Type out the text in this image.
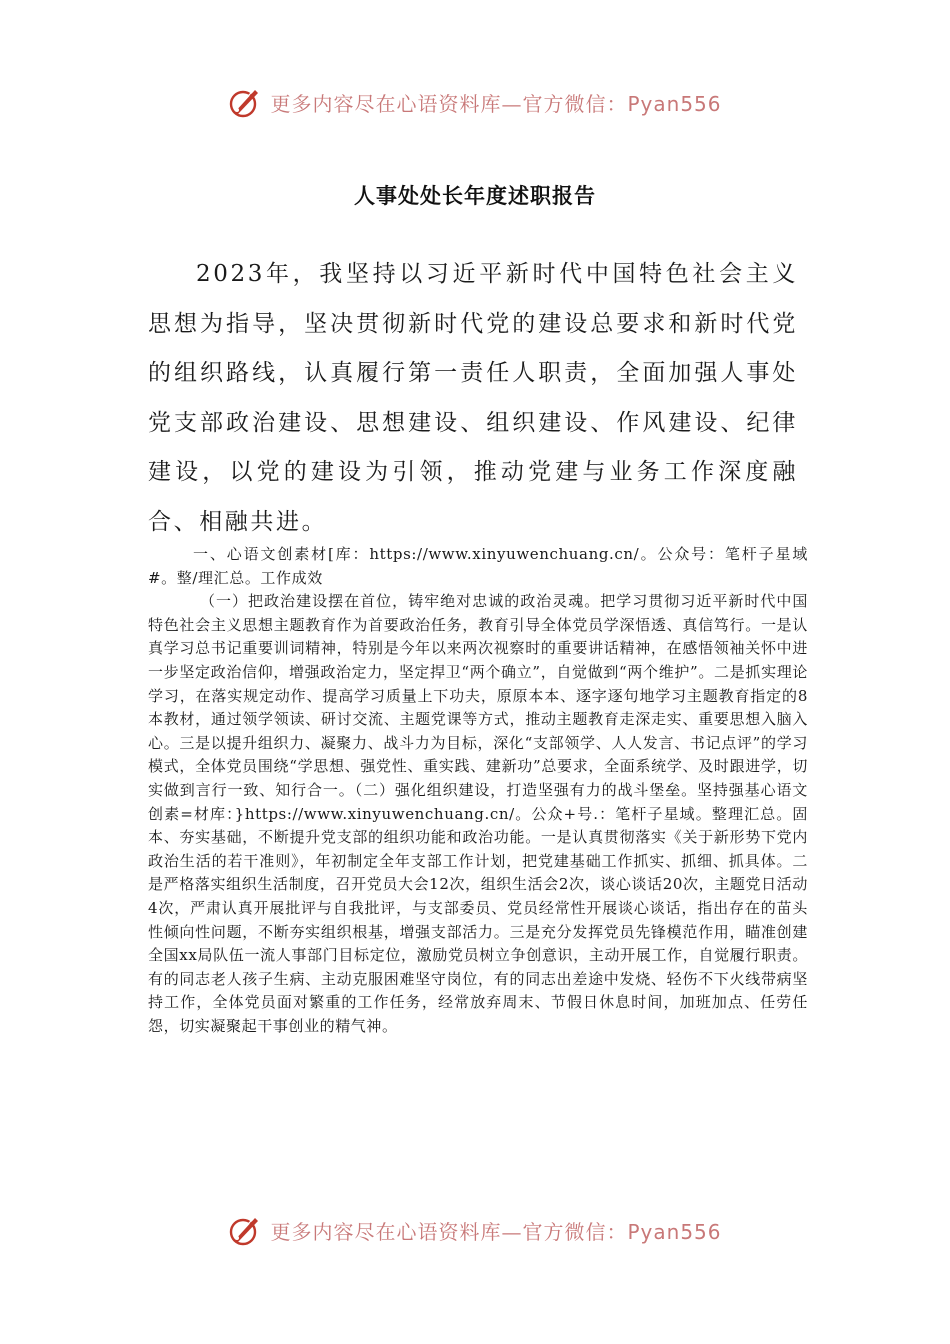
更多内容尽在心语资料库—官方微信：Pyan556
人事处处长年度述职报告

2023年，我坚持以习近平新时代中国特色社会主义思想为指导，坚决贯彻新时代党的建设总要求和新时代党的组织路线，认真履行第一责任人职责，全面加强人事处党支部政治建设、思想建设、组织建设、作风建设、纪律建设，以党的建设为引领，推动党建与业务工作深度融合、相融共进。

一、心语文创素材[库：https://www.xinyuwenchuang.cn/。公众号：笔杆子星域#。整/理汇总。工作成效

（一）把政治建设摆在首位，铸牢绝对忠诚的政治灵魂。把学习贯彻习近平新时代中国特色社会主义思想主题教育作为首要政治任务，教育引导全体党员学深悟透、真信笃行。一是认真学习总书记重要训词精神，特别是今年以来两次视察时的重要讲话精神，在感悟领袖关怀中进一步坚定政治信仰，增强政治定力，坚定捍卫“两个确立”，自觉做到“两个维护”。二是抓实理论学习，在落实规定动作、提高学习质量上下功夫，原原本本、逐字逐句地学习主题教育指定的8本教材，通过领学领读、研讨交流、主题党课等方式，推动主题教育走深走实、重要思想入脑入心。三是以提升组织力、凝聚力、战斗力为目标，深化“支部领学、人人发言、书记点评”的学习模式，全体党员围绕“学思想、强党性、重实践、建新功”总要求，全面系统学、及时跟进学，切实做到言行一致、知行合一。（二）强化组织建设，打造坚强有力的战斗堡垒。坚持强基心语文创素=材库：}https://www.xinyuwenchuang.cn/。公众+号.：笔杆子星域。整理汇总。固本、夯实基础，不断提升党支部的组织功能和政治功能。一是认真贯彻落实《关于新形势下党内政治生活的若干准则》，年初制定全年支部工作计划，把党建基础工作抓实、抓细、抓具体。二是严格落实组织生活制度，召开党员大会12次，组织生活会2次，谈心谈话20次，主题党日活动4次，严肃认真开展批评与自我批评，与支部委员、党员经常性开展谈心谈话，指出存在的苗头性倾向性问题，不断夯实组织根基，增强支部活力。三是充分发挥党员先锋模范作用，瞄准创建全国xx局队伍一流人事部门目标定位，激励党员树立争创意识，主动开展工作，自觉履行职责。有的同志老人孩子生病、主动克服困难坚守岗位，有的同志出差途中发烧、轻伤不下火线带病坚持工作，全体党员面对繁重的工作任务，经常放弃周末、节假日休息时间，加班加点、任劳任怨，切实凝聚起干事创业的精气神。

更多内容尽在心语资料库—官方微信：Pyan556
